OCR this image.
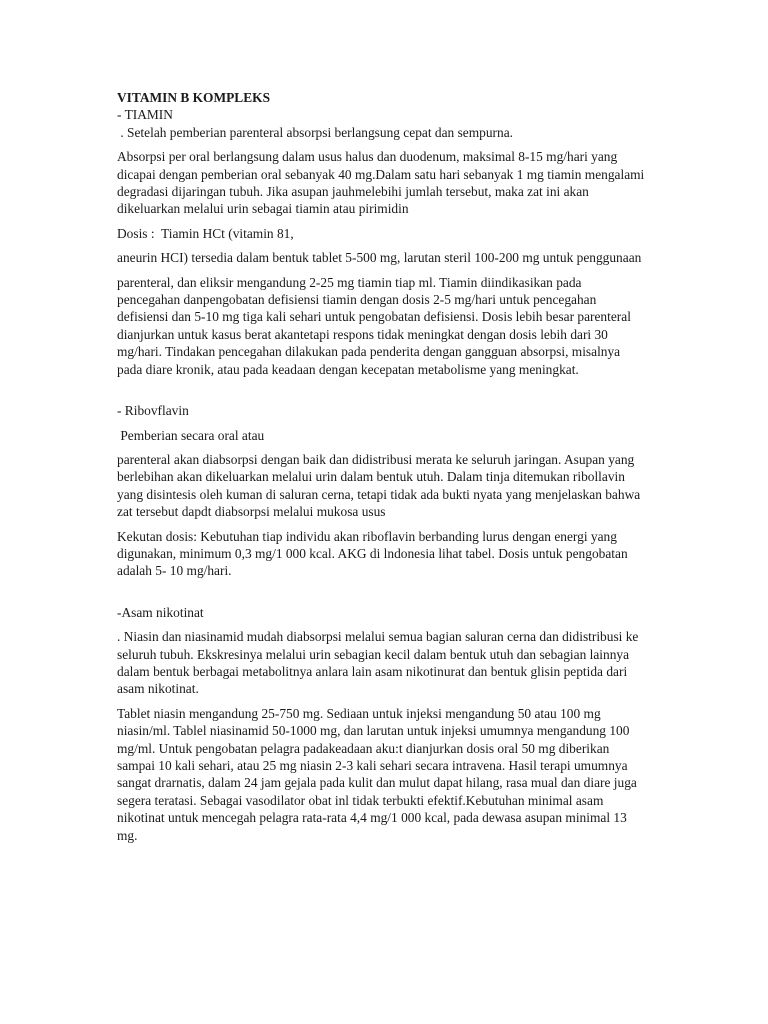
VITAMIN B KOMPLEKS
- TIAMIN
. Setelah pemberian parenteral absorpsi berlangsung cepat dan sempurna.
Absorpsi per oral berlangsung dalam usus halus dan duodenum, maksimal 8-15 mg/hari yang dicapai dengan pemberian oral sebanyak 40 mg.Dalam satu hari sebanyak 1 mg tiamin mengalami degradasi dijaringan tubuh. Jika asupan jauhmelebihi jumlah tersebut, maka zat ini akan dikeluarkan melalui urin sebagai tiamin atau pirimidin
Dosis :  Tiamin HCt (vitamin 81,
aneurin HCI) tersedia dalam bentuk tablet 5-500 mg, larutan steril 100-200 mg untuk penggunaan
parenteral, dan eliksir mengandung 2-25 mg tiamin tiap ml. Tiamin diindikasikan pada pencegahan danpengobatan defisiensi tiamin dengan dosis 2-5 mg/hari untuk pencegahan defisiensi dan 5-10 mg tiga kali sehari untuk pengobatan defisiensi. Dosis lebih besar parenteral dianjurkan untuk kasus berat akantetapi respons tidak meningkat dengan dosis lebih dari 30 mg/hari. Tindakan pencegahan dilakukan pada penderita dengan gangguan absorpsi, misalnya pada diare kronik, atau pada keadaan dengan kecepatan metabolisme yang meningkat.
- Ribovflavin
Pemberian secara oral atau
parenteral akan diabsorpsi dengan baik dan didistribusi merata ke seluruh jaringan. Asupan yang berlebihan akan dikeluarkan melalui urin dalam bentuk utuh. Dalam tinja ditemukan ribollavin yang disintesis oleh kuman di saluran cerna, tetapi tidak ada bukti nyata yang menjelaskan bahwa zat tersebut dapdt diabsorpsi melalui mukosa usus
Kekutan dosis: Kebutuhan tiap individu akan riboflavin berbanding lurus dengan energi yang digunakan, minimum 0,3 mg/1 000 kcal. AKG di lndonesia lihat tabel. Dosis untuk pengobatan adalah 5- 10 mg/hari.
-Asam nikotinat
. Niasin dan niasinamid mudah diabsorpsi melalui semua bagian saluran cerna dan didistribusi ke seluruh tubuh. Ekskresinya melalui urin sebagian kecil dalam bentuk utuh dan sebagian lainnya dalam bentuk berbagai metabolitnya anlara lain asam nikotinurat dan bentuk glisin peptida dari asam nikotinat.
Tablet niasin mengandung 25-750 mg. Sediaan untuk injeksi mengandung 50 atau 100 mg niasin/ml. Tablel niasinamid 50-1000 mg, dan larutan untuk injeksi umumnya mengandung 100 mg/ml. Untuk pengobatan pelagra padakeadaan aku:t dianjurkan dosis oral 50 mg diberikan sampai 10 kali sehari, atau 25 mg niasin 2-3 kali sehari secara intravena. Hasil terapi umumnya sangat drarnatis, dalam 24 jam gejala pada kulit dan mulut dapat hilang, rasa mual dan diare juga segera teratasi. Sebagai vasodilator obat inl tidak terbukti efektif.Kebutuhan minimal asam nikotinat untuk mencegah pelagra rata-rata 4,4 mg/1 000 kcal, pada dewasa asupan minimal 13 mg.
